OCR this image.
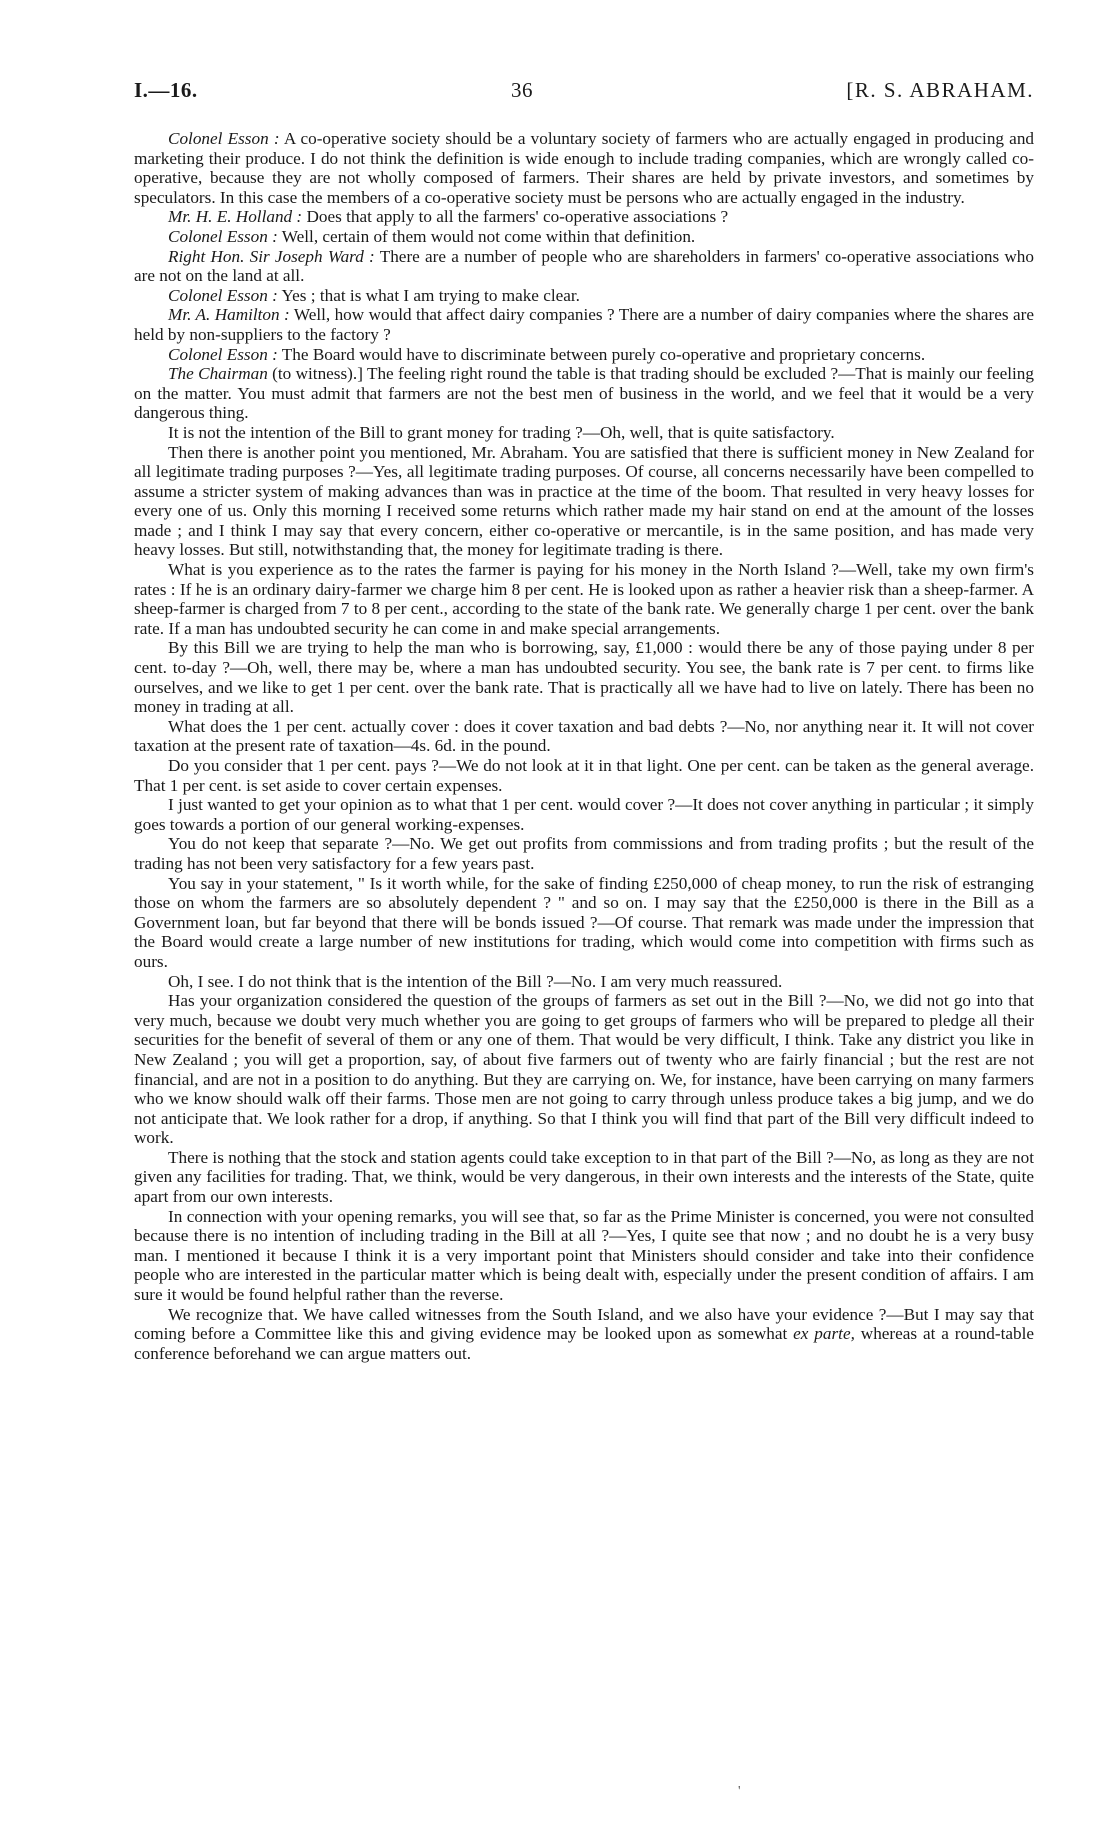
I.—16.	36	[R. S. ABRAHAM.

Colonel Esson : A co-operative society should be a voluntary society of farmers who are actually engaged in producing and marketing their produce. I do not think the definition is wide enough to include trading companies, which are wrongly called co-operative, because they are not wholly composed of farmers. Their shares are held by private investors, and sometimes by speculators. In this case the members of a co-operative society must be persons who are actually engaged in the industry.

Mr. H. E. Holland : Does that apply to all the farmers' co-operative associations ?

Colonel Esson : Well, certain of them would not come within that definition.

Right Hon. Sir Joseph Ward : There are a number of people who are shareholders in farmers' co-operative associations who are not on the land at all.

Colonel Esson : Yes ; that is what I am trying to make clear.

Mr. A. Hamilton : Well, how would that affect dairy companies ? There are a number of dairy companies where the shares are held by non-suppliers to the factory ?

Colonel Esson : The Board would have to discriminate between purely co-operative and proprietary concerns.

The Chairman (to witness).] The feeling right round the table is that trading should be excluded ?—That is mainly our feeling on the matter. You must admit that farmers are not the best men of business in the world, and we feel that it would be a very dangerous thing.

It is not the intention of the Bill to grant money for trading ?—Oh, well, that is quite satisfactory.

Then there is another point you mentioned, Mr. Abraham. You are satisfied that there is sufficient money in New Zealand for all legitimate trading purposes ?—Yes, all legitimate trading purposes. Of course, all concerns necessarily have been compelled to assume a stricter system of making advances than was in practice at the time of the boom. That resulted in very heavy losses for every one of us. Only this morning I received some returns which rather made my hair stand on end at the amount of the losses made ; and I think I may say that every concern, either co-operative or mercantile, is in the same position, and has made very heavy losses. But still, notwithstanding that, the money for legitimate trading is there.

What is you experience as to the rates the farmer is paying for his money in the North Island ?—Well, take my own firm's rates : If he is an ordinary dairy-farmer we charge him 8 per cent. He is looked upon as rather a heavier risk than a sheep-farmer. A sheep-farmer is charged from 7 to 8 per cent., according to the state of the bank rate. We generally charge 1 per cent. over the bank rate. If a man has undoubted security he can come in and make special arrangements.

By this Bill we are trying to help the man who is borrowing, say, £1,000 : would there be any of those paying under 8 per cent. to-day ?—Oh, well, there may be, where a man has undoubted security. You see, the bank rate is 7 per cent. to firms like ourselves, and we like to get 1 per cent. over the bank rate. That is practically all we have had to live on lately. There has been no money in trading at all.

What does the 1 per cent. actually cover : does it cover taxation and bad debts ?—No, nor anything near it. It will not cover taxation at the present rate of taxation—4s. 6d. in the pound.

Do you consider that 1 per cent. pays ?—We do not look at it in that light. One per cent. can be taken as the general average. That 1 per cent. is set aside to cover certain expenses.

I just wanted to get your opinion as to what that 1 per cent. would cover ?—It does not cover anything in particular ; it simply goes towards a portion of our general working-expenses.

You do not keep that separate ?—No. We get out profits from commissions and from trading profits ; but the result of the trading has not been very satisfactory for a few years past.

You say in your statement, " Is it worth while, for the sake of finding £250,000 of cheap money, to run the risk of estranging those on whom the farmers are so absolutely dependent ? " and so on. I may say that the £250,000 is there in the Bill as a Government loan, but far beyond that there will be bonds issued ?—Of course. That remark was made under the impression that the Board would create a large number of new institutions for trading, which would come into competition with firms such as ours.

Oh, I see. I do not think that is the intention of the Bill ?—No. I am very much reassured.

Has your organization considered the question of the groups of farmers as set out in the Bill ?—No, we did not go into that very much, because we doubt very much whether you are going to get groups of farmers who will be prepared to pledge all their securities for the benefit of several of them or any one of them. That would be very difficult, I think. Take any district you like in New Zealand ; you will get a proportion, say, of about five farmers out of twenty who are fairly financial ; but the rest are not financial, and are not in a position to do anything. But they are carrying on. We, for instance, have been carrying on many farmers who we know should walk off their farms. Those men are not going to carry through unless produce takes a big jump, and we do not anticipate that. We look rather for a drop, if anything. So that I think you will find that part of the Bill very difficult indeed to work.

There is nothing that the stock and station agents could take exception to in that part of the Bill ?—No, as long as they are not given any facilities for trading. That, we think, would be very dangerous, in their own interests and the interests of the State, quite apart from our own interests.

In connection with your opening remarks, you will see that, so far as the Prime Minister is concerned, you were not consulted because there is no intention of including trading in the Bill at all ?—Yes, I quite see that now ; and no doubt he is a very busy man. I mentioned it because I think it is a very important point that Ministers should consider and take into their confidence people who are interested in the particular matter which is being dealt with, especially under the present condition of affairs. I am sure it would be found helpful rather than the reverse.

We recognize that. We have called witnesses from the South Island, and we also have your evidence ?—But I may say that coming before a Committee like this and giving evidence may be looked upon as somewhat ex parte, whereas at a round-table conference beforehand we can argue matters out.

'
